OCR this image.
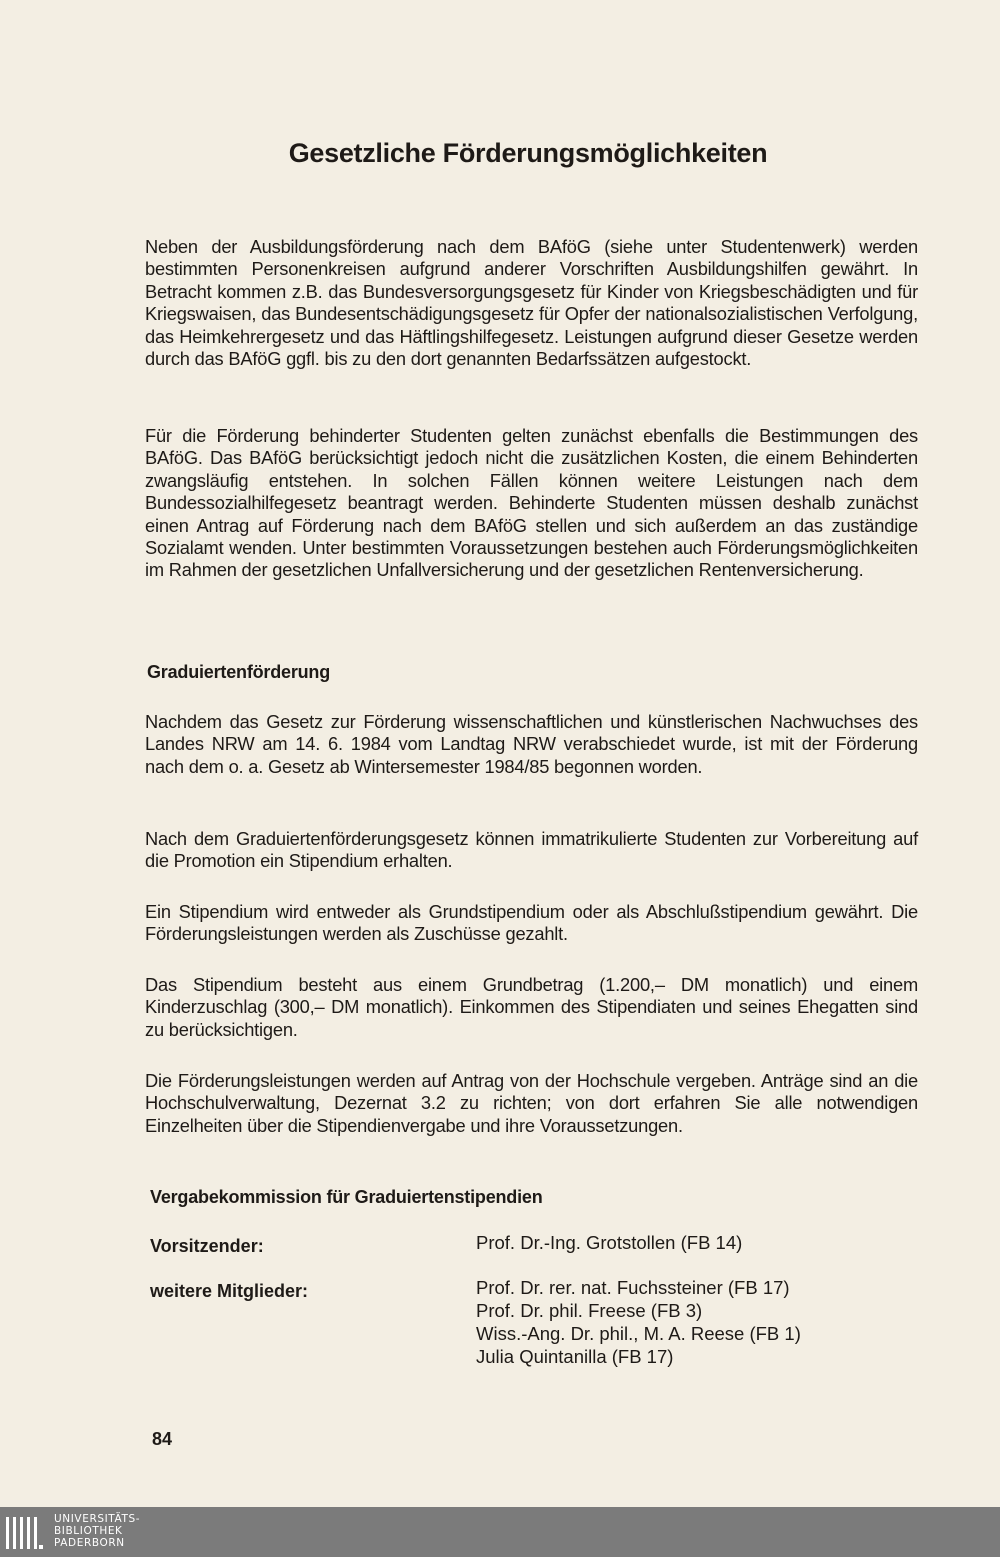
Gesetzliche Förderungsmöglichkeiten

Neben der Ausbildungsförderung nach dem BAföG (siehe unter Studentenwerk) werden bestimmten Personenkreisen aufgrund anderer Vorschriften Ausbildungshilfen gewährt. In Betracht kommen z.B. das Bundesversorgungsgesetz für Kinder von Kriegsbeschädigten und für Kriegswaisen, das Bundesentschädigungsgesetz für Opfer der nationalsozialistischen Verfolgung, das Heimkehrergesetz und das Häftlingshilfegesetz. Leistungen aufgrund dieser Gesetze werden durch das BAföG ggfl. bis zu den dort genannten Bedarfssätzen aufgestockt.

Für die Förderung behinderter Studenten gelten zunächst ebenfalls die Bestimmungen des BAföG. Das BAföG berücksichtigt jedoch nicht die zusätzlichen Kosten, die einem Behinderten zwangsläufig entstehen. In solchen Fällen können weitere Leistungen nach dem Bundessozialhilfegesetz beantragt werden. Behinderte Studenten müssen deshalb zunächst einen Antrag auf Förderung nach dem BAföG stellen und sich außerdem an das zuständige Sozialamt wenden. Unter bestimmten Voraussetzungen bestehen auch Förderungsmöglichkeiten im Rahmen der gesetzlichen Unfallversicherung und der gesetzlichen Rentenversicherung.

Graduiertenförderung

Nachdem das Gesetz zur Förderung wissenschaftlichen und künstlerischen Nachwuchses des Landes NRW am 14. 6. 1984 vom Landtag NRW verabschiedet wurde, ist mit der Förderung nach dem o. a. Gesetz ab Wintersemester 1984/85 begonnen worden.

Nach dem Graduiertenförderungsgesetz können immatrikulierte Studenten zur Vorbereitung auf die Promotion ein Stipendium erhalten.

Ein Stipendium wird entweder als Grundstipendium oder als Abschlußstipendium gewährt. Die Förderungsleistungen werden als Zuschüsse gezahlt.

Das Stipendium besteht aus einem Grundbetrag (1.200,– DM monatlich) und einem Kinderzuschlag (300,– DM monatlich). Einkommen des Stipendiaten und seines Ehegatten sind zu berücksichtigen.

Die Förderungsleistungen werden auf Antrag von der Hochschule vergeben. Anträge sind an die Hochschulverwaltung, Dezernat 3.2 zu richten; von dort erfahren Sie alle notwendigen Einzelheiten über die Stipendienvergabe und ihre Voraussetzungen.

Vergabekommission für Graduiertenstipendien
Vorsitzender:	Prof. Dr.-Ing. Grotstollen (FB 14)
weitere Mitglieder:	Prof. Dr. rer. nat. Fuchssteiner (FB 17)
Prof. Dr. phil. Freese (FB 3)
Wiss.-Ang. Dr. phil., M. A. Reese (FB 1)
Julia Quintanilla (FB 17)
84
UNIVERSITÄTS-
BIBLIOTHEK
PADERBORN
